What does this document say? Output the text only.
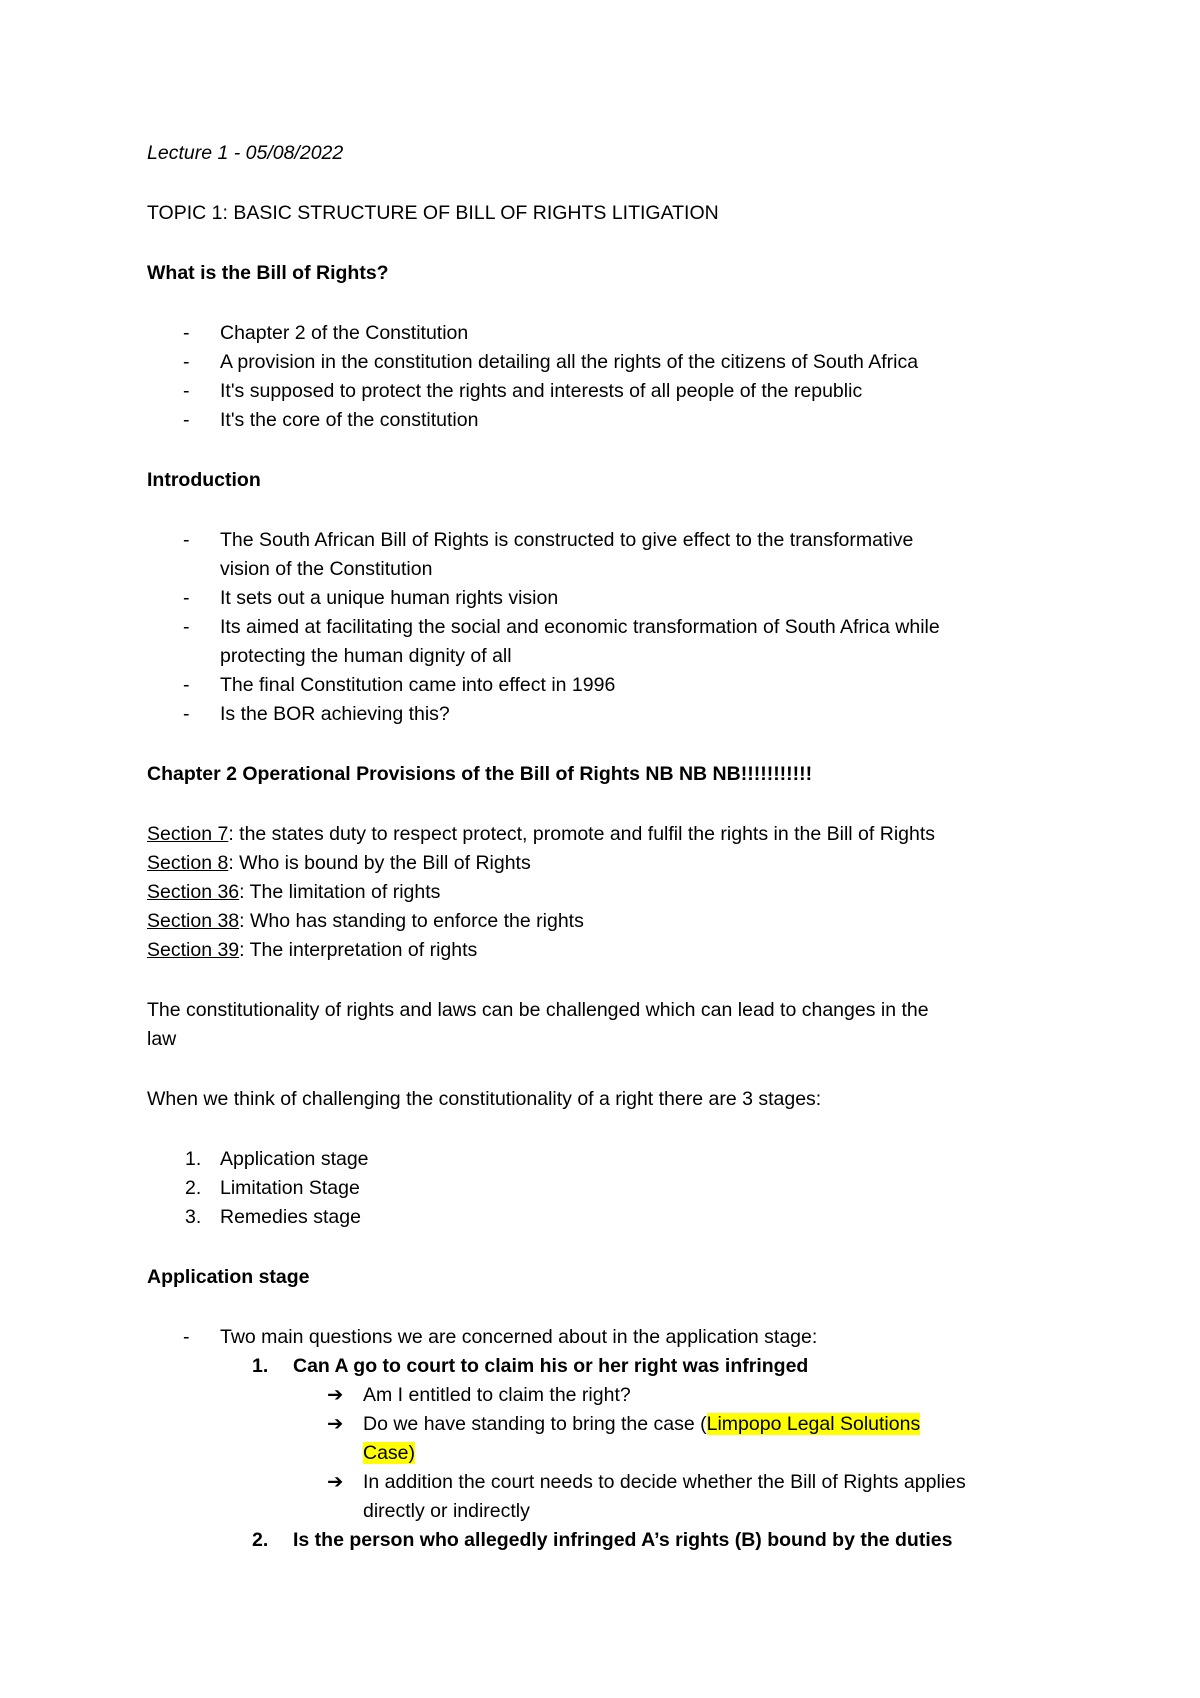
Lecture 1 - 05/08/2022
TOPIC 1: BASIC STRUCTURE OF BILL OF RIGHTS LITIGATION
What is the Bill of Rights?
- Chapter 2 of the Constitution
- A provision in the constitution detailing all the rights of the citizens of South Africa
- It's supposed to protect the rights and interests of all people of the republic
- It's the core of the constitution
Introduction
- The South African Bill of Rights is constructed to give effect to the transformative
vision of the Constitution
- It sets out a unique human rights vision
- Its aimed at facilitating the social and economic transformation of South Africa while
protecting the human dignity of all
- The final Constitution came into effect in 1996
- Is the BOR achieving this?
Chapter 2 Operational Provisions of the Bill of Rights NB NB NB!!!!!!!!!!!
Section 7: the states duty to respect protect, promote and fulfil the rights in the Bill of Rights
Section 8: Who is bound by the Bill of Rights
Section 36: The limitation of rights
Section 38: Who has standing to enforce the rights
Section 39: The interpretation of rights
The constitutionality of rights and laws can be challenged which can lead to changes in the
law
When we think of challenging the constitutionality of a right there are 3 stages:
1. Application stage
2. Limitation Stage
3. Remedies stage
Application stage
- Two main questions we are concerned about in the application stage:
1. Can A go to court to claim his or her right was infringed
➔ Am I entitled to claim the right?
➔ Do we have standing to bring the case (Limpopo Legal Solutions
Case)
➔ In addition the court needs to decide whether the Bill of Rights applies
directly or indirectly
2. Is the person who allegedly infringed A’s rights (B) bound by the duties
